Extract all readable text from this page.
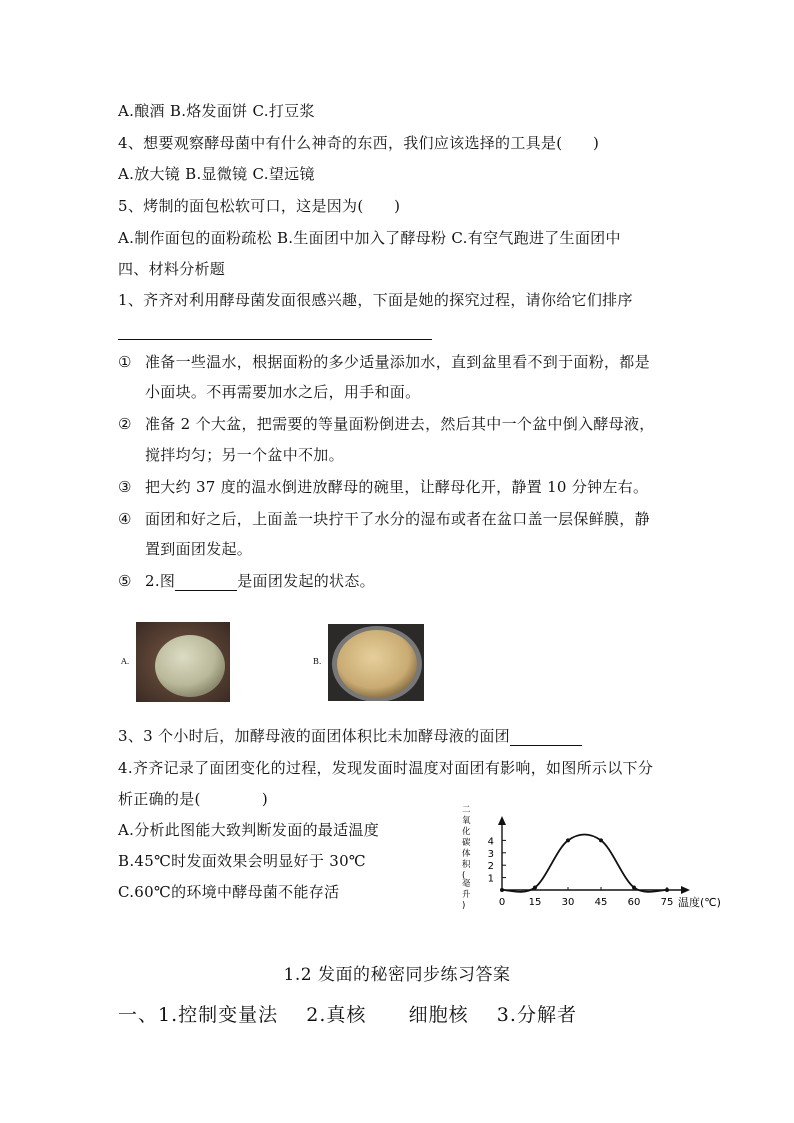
A.酿酒 B.烙发面饼 C.打豆浆
4、想要观察酵母菌中有什么神奇的东西，我们应该选择的工具是(　　)
A.放大镜 B.显微镜 C.望远镜
5、烤制的面包松软可口，这是因为(　　)
A.制作面包的面粉疏松 B.生面团中加入了酵母粉 C.有空气跑进了生面团中
四、材料分析题
1、齐齐对利用酵母菌发面很感兴趣，下面是她的探究过程，请你给它们排序
① 准备一些温水，根据面粉的多少适量添加水，直到盆里看不到于面粉，都是
小面块。不再需要加水之后，用手和面。
② 准备 2 个大盆，把需要的等量面粉倒进去，然后其中一个盆中倒入酵母液，
搅拌均匀；另一个盆中不加。
③ 把大约 37 度的温水倒进放酵母的碗里，让酵母化开，静置 10 分钟左右。
④ 面团和好之后，上面盖一块拧干了水分的湿布或者在盆口盖一层保鲜膜，静
置到面团发起。
⑤ 2.图	是面团发起的状态。
A.	B.
3、3 个小时后，加酵母液的面团体积比未加酵母液的面团
4.齐齐记录了面团变化的过程，发现发面时温度对面团有影响，如图所示以下分
析正确的是(　　　　)
A.分析此图能大致判断发面的最适温度
B.45℃时发面效果会明显好于 30℃
C.60℃的环境中酵母菌不能存活
二
氧
化
碳
体
积
(
毫
升
)	0 15 30 45 60 75
1
2
3
4
温度(℃)
1.2 发面的秘密同步练习答案
一、1.控制变量法    2.真核      细胞核    3.分解者
